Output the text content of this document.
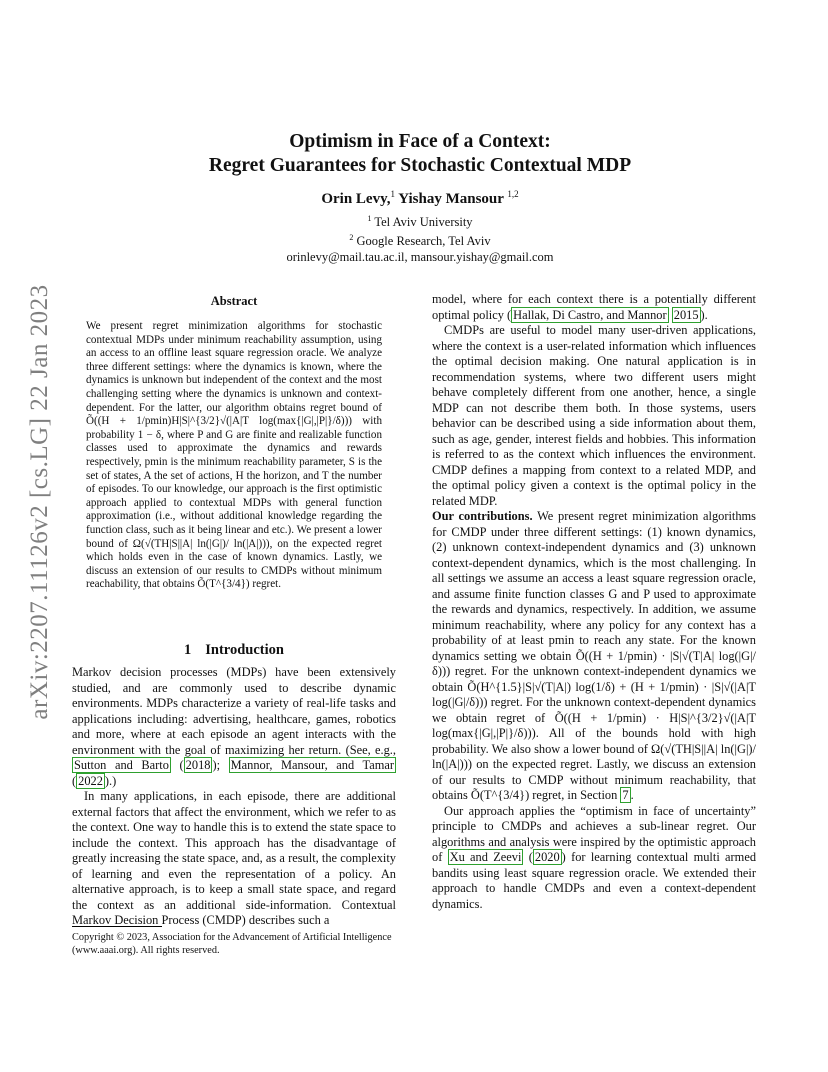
arXiv:2207.11126v2 [cs.LG] 22 Jan 2023
Optimism in Face of a Context:
Regret Guarantees for Stochastic Contextual MDP
Orin Levy,$^1$ Yishay Mansour $^{1,2}$
$^1$ Tel Aviv University
$^2$ Google Research, Tel Aviv
orinlevy@mail.tau.ac.il, mansour.yishay@gmail.com
Abstract

We present regret minimization algorithms for stochastic contextual MDPs under minimum reachability assumption, using an access to an offline least square regression oracle. We analyze three different settings: where the dynamics is known, where the dynamics is unknown but independent of the context and the most challenging setting where the dynamics is unknown and context-dependent. For the latter, our algorithm obtains regret bound of Õ((H + 1/pmin)H|S|^{3/2}√(|A|T log(max{|G|,|P|}/δ))) with probability 1 − δ, where P and G are finite and realizable function classes used to approximate the dynamics and rewards respectively, pmin is the minimum reachability parameter, S is the set of states, A the set of actions, H the horizon, and T the number of episodes. To our knowledge, our approach is the first optimistic approach applied to contextual MDPs with general function approximation (i.e., without additional knowledge regarding the function class, such as it being linear and etc.). We present a lower bound of Ω(√(TH|S||A| ln(|G|)/ ln(|A|))), on the expected regret which holds even in the case of known dynamics. Lastly, we discuss an extension of our results to CMDPs without minimum reachability, that obtains Õ(T^{3/4}) regret.

1 Introduction

Markov decision processes (MDPs) have been extensively studied, and are commonly used to describe dynamic environments. MDPs characterize a variety of real-life tasks and applications including: advertising, healthcare, games, robotics and more, where at each episode an agent interacts with the environment with the goal of maximizing her return. (See, e.g., Sutton and Barto ( 2018 ); Mannor, Mansour, and Tamar ( 2022 ).)

In many applications, in each episode, there are additional external factors that affect the environment, which we refer to as the context. One way to handle this is to extend the state space to include the context. This approach has the disadvantage of greatly increasing the state space, and, as a result, the complexity of learning and even the representation of a policy. An alternative approach, is to keep a small state space, and regard the context as an additional side-information. Contextual Markov Decision Process (CMDP) describes such a

model, where for each context there is a potentially different optimal policy ( Hallak, Di Castro, and Mannor 2015 ).

CMDPs are useful to model many user-driven applications, where the context is a user-related information which influences the optimal decision making. One natural application is in recommendation systems, where two different users might behave completely different from one another, hence, a single MDP can not describe them both. In those systems, users behavior can be described using a side information about them, such as age, gender, interest fields and hobbies. This information is referred to as the context which influences the environment. CMDP defines a mapping from context to a related MDP, and the optimal policy given a context is the optimal policy in the related MDP.

Our contributions. We present regret minimization algorithms for CMDP under three different settings: (1) known dynamics, (2) unknown context-independent dynamics and (3) unknown context-dependent dynamics, which is the most challenging. In all settings we assume an access a least square regression oracle, and assume finite function classes G and P used to approximate the rewards and dynamics, respectively. In addition, we assume minimum reachability, where any policy for any context has a probability of at least pmin to reach any state. For the known dynamics setting we obtain Õ((H + 1/pmin) · |S|√(T|A| log(|G|/δ))) regret. For the unknown context-independent dynamics we obtain Õ(H^{1.5}|S|√(T|A|) log(1/δ) + (H + 1/pmin) · |S|√(|A|T log(|G|/δ))) regret. For the unknown context-dependent dynamics we obtain regret of Õ((H + 1/pmin) · H|S|^{3/2}√(|A|T log(max{|G|,|P|}/δ))). All of the bounds hold with high probability. We also show a lower bound of Ω(√(TH|S||A| ln(|G|)/ ln(|A|))) on the expected regret. Lastly, we discuss an extension of our results to CMDP without minimum reachability, that obtains Õ(T^{3/4}) regret, in Section 7 .

Our approach applies the “optimism in face of uncertainty” principle to CMDPs and achieves a sub-linear regret. Our algorithms and analysis were inspired by the optimistic approach of Xu and Zeevi ( 2020 ) for learning contextual multi armed bandits using least square regression oracle. We extended their approach to handle CMDPs and even a context-dependent dynamics.

Copyright © 2023, Association for the Advancement of Artificial Intelligence (www.aaai.org). All rights reserved.
